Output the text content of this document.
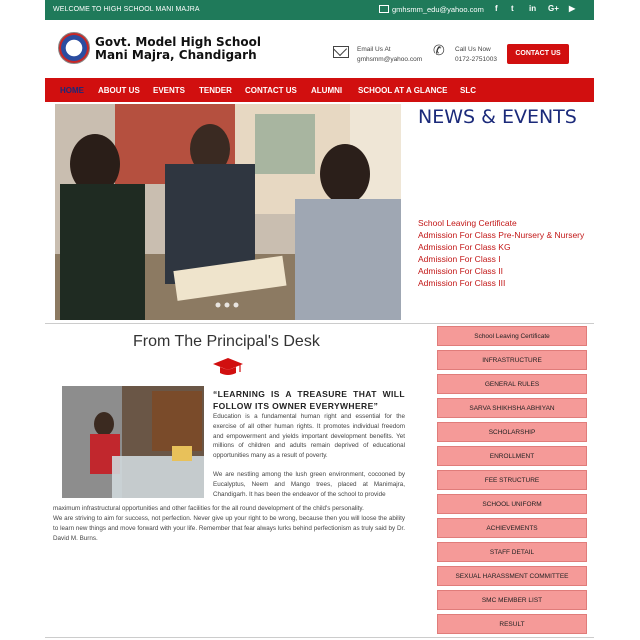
WELCOME TO HIGH SCHOOL MANI MAJRA	gmhsmm_edu@yahoo.com f t in G+ ▶
Govt. Model High School
Mani Majra, Chandigarh	Email Us At
gmhsmm@yahoo.com
✆ Call Us Now
0172-2751003
CONTACT US
HOME ABOUT US EVENTS TENDER CONTACT US ALUMNI SCHOOL AT A GLANCE SLC
NEWS & EVENTS
School Leaving Certificate
Admission For Class Pre-Nursery & Nursery
Admission For Class KG
Admission For Class I
Admission For Class II
Admission For Class III
From The Principal's Desk
“LEARNING IS A TREASURE THAT WILL FOLLOW ITS OWNER EVERYWHERE”
Education is a fundamental human right and essential for the exercise of all other human rights. It promotes individual freedom and empowerment and yields important development benefits. Yet millions of children and adults remain deprived of educational opportunities many as a result of poverty.
We are nestling among the lush green environment, cocooned by Eucalyptus, Neem and Mango trees, placed at Manimajra, Chandigarh. It has been the endeavor of the school to provide
maximum infrastructural opportunities and other facilities for the all round development of the child's personality.
We are striving to aim for success, not perfection. Never give up your right to be wrong, because then you will loose the ability to learn new things and move forward with your life. Remember that fear always lurks behind perfectionism as truly said by Dr. David M. Burns.
School Leaving Certificate
INFRASTRUCTURE
GENERAL RULES
SARVA SHIKHSHA ABHIYAN
SCHOLARSHIP
ENROLLMENT
FEE STRUCTURE
SCHOOL UNIFORM
ACHIEVEMENTS
STAFF DETAIL
SEXUAL HARASSMENT COMMITTEE
SMC MEMBER LIST
RESULT
